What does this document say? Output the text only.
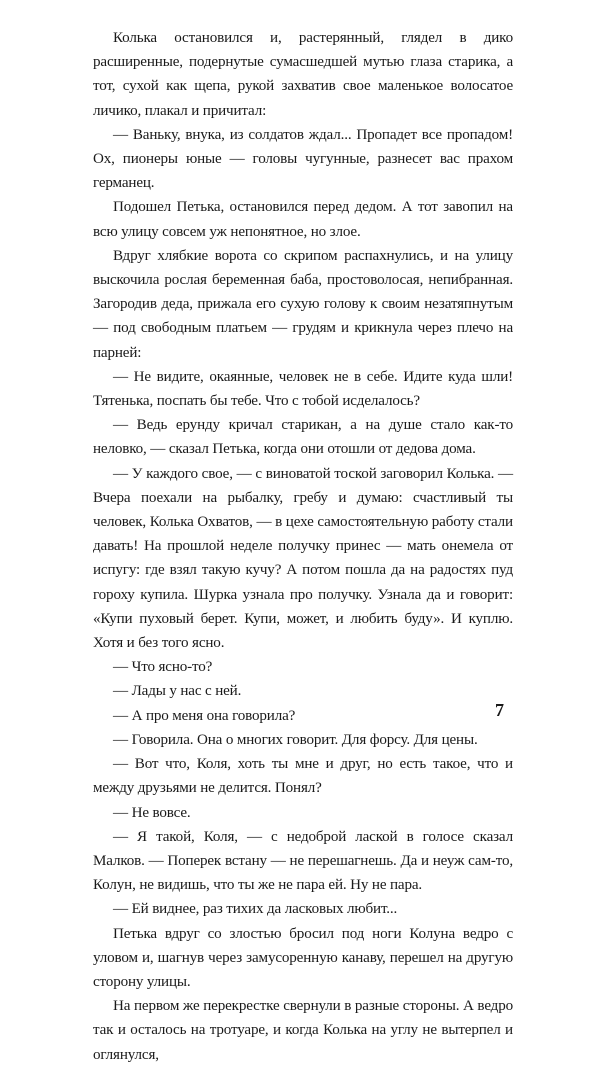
Колька остановился и, растерянный, глядел в дико расширенные, подернутые сумасшедшей мутью глаза старика, а тот, сухой как щепа, рукой захватив свое маленькое волосатое личико, плакал и причитал:

— Ваньку, внука, из солдатов ждал... Пропадет все пропадом! Ох, пионеры юные — головы чугунные, разнесет вас прахом германец.

Подошел Петька, остановился перед дедом. А тот завопил на всю улицу совсем уж непонятное, но злое.

Вдруг хлябкие ворота со скрипом распахнулись, и на улицу выскочила рослая беременная баба, простоволосая, непибранная. Загородив деда, прижала его сухую голову к своим незатяпнутым — под свободным платьем — грудям и крикнула через плечо на парней:

— Не видите, окаянные, человек не в себе. Идите куда шли! Тятенька, поспать бы тебе. Что с тобой исделалось?

— Ведь ерунду кричал старикан, а на душе стало как-то неловко, — сказал Петька, когда они отошли от дедова дома.

— У каждого свое, — с виноватой тоской заговорил Колька. — Вчера поехали на рыбалку, гребу и думаю: счастливый ты человек, Колька Охватов, — в цехе самостоятельную работу стали давать! На прошлой неделе получку принес — мать онемела от испугу: где взял такую кучу? А потом пошла да на радостях пуд гороху купила. Шурка узнала про получку. Узнала да и говорит: «Купи пуховый берет. Купи, может, и любить буду». И куплю. Хотя и без того ясно.

— Что ясно-то?

— Лады у нас с ней.

— А про меня она говорила?

— Говорила. Она о многих говорит. Для форсу. Для цены.

— Вот что, Коля, хоть ты мне и друг, но есть такое, что и между друзьями не делится. Понял?

— Не вовсе.

— Я такой, Коля, — с недоброй лаской в голосе сказал Малков. — Поперек встану — не перешагнешь. Да и неуж сам-то, Колун, не видишь, что ты же не пара ей. Ну не пара.

— Ей виднее, раз тихих да ласковых любит...

Петька вдруг со злостью бросил под ноги Колуна ведро с уловом и, шагнув через замусоренную канаву, перешел на другую сторону улицы.

На первом же перекрестке свернули в разные стороны. А ведро так и осталось на тротуаре, и когда Колька на углу не вытерпел и оглянулся,

7
